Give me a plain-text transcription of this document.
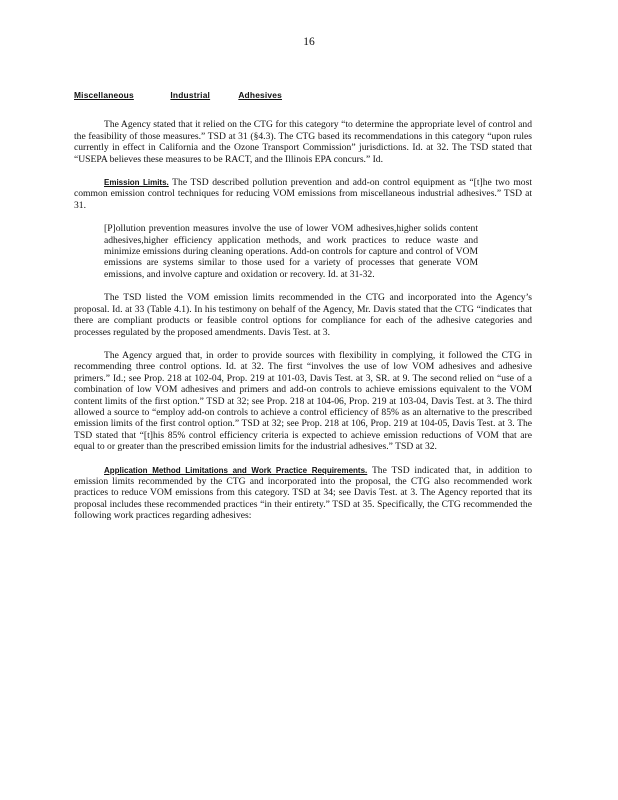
16
Miscellaneous	Industrial	Adhesives

The Agency stated that it relied on the CTG for this category “to determine the appropriate level of control and the feasibility of those measures.” TSD at 31 (§4.3). The CTG based its recommendations in this category “upon rules currently in effect in California and the Ozone Transport Commission” jurisdictions. Id. at 32. The TSD stated that “USEPA believes these measures to be RACT, and the Illinois EPA concurs.” Id.

Emission Limits. The TSD described pollution prevention and add-on control equipment as “[t]he two most common emission control techniques for reducing VOM emissions from miscellaneous industrial adhesives.” TSD at 31.

[P]ollution prevention measures involve the use of lower VOM adhesives,higher solids content adhesives,higher efficiency application methods, and work practices to reduce waste and minimize emissions during cleaning operations. Add-on controls for capture and control of VOM emissions are systems similar to those used for a variety of processes that generate VOM emissions, and involve capture and oxidation or recovery. Id. at 31-32.

The TSD listed the VOM emission limits recommended in the CTG and incorporated into the Agency’s proposal. Id. at 33 (Table 4.1). In his testimony on behalf of the Agency, Mr. Davis stated that the CTG “indicates that there are compliant products or feasible control options for compliance for each of the adhesive categories and processes regulated by the proposed amendments. Davis Test. at 3.

The Agency argued that, in order to provide sources with flexibility in complying, it followed the CTG in recommending three control options. Id. at 32. The first “involves the use of low VOM adhesives and adhesive primers.” Id.; see Prop. 218 at 102-04, Prop. 219 at 101-03, Davis Test. at 3, SR. at 9. The second relied on “use of a combination of low VOM adhesives and primers and add-on controls to achieve emissions equivalent to the VOM content limits of the first option.” TSD at 32; see Prop. 218 at 104-06, Prop. 219 at 103-04, Davis Test. at 3. The third allowed a source to “employ add-on controls to achieve a control efficiency of 85% as an alternative to the prescribed emission limits of the first control option.” TSD at 32; see Prop. 218 at 106, Prop. 219 at 104-05, Davis Test. at 3. The TSD stated that “[t]his 85% control efficiency criteria is expected to achieve emission reductions of VOM that are equal to or greater than the prescribed emission limits for the industrial adhesives.” TSD at 32.

Application Method Limitations and Work Practice Requirements. The TSD indicated that, in addition to emission limits recommended by the CTG and incorporated into the proposal, the CTG also recommended work practices to reduce VOM emissions from this category. TSD at 34; see Davis Test. at 3. The Agency reported that its proposal includes these recommended practices “in their entirety.” TSD at 35. Specifically, the CTG recommended the following work practices regarding adhesives:
